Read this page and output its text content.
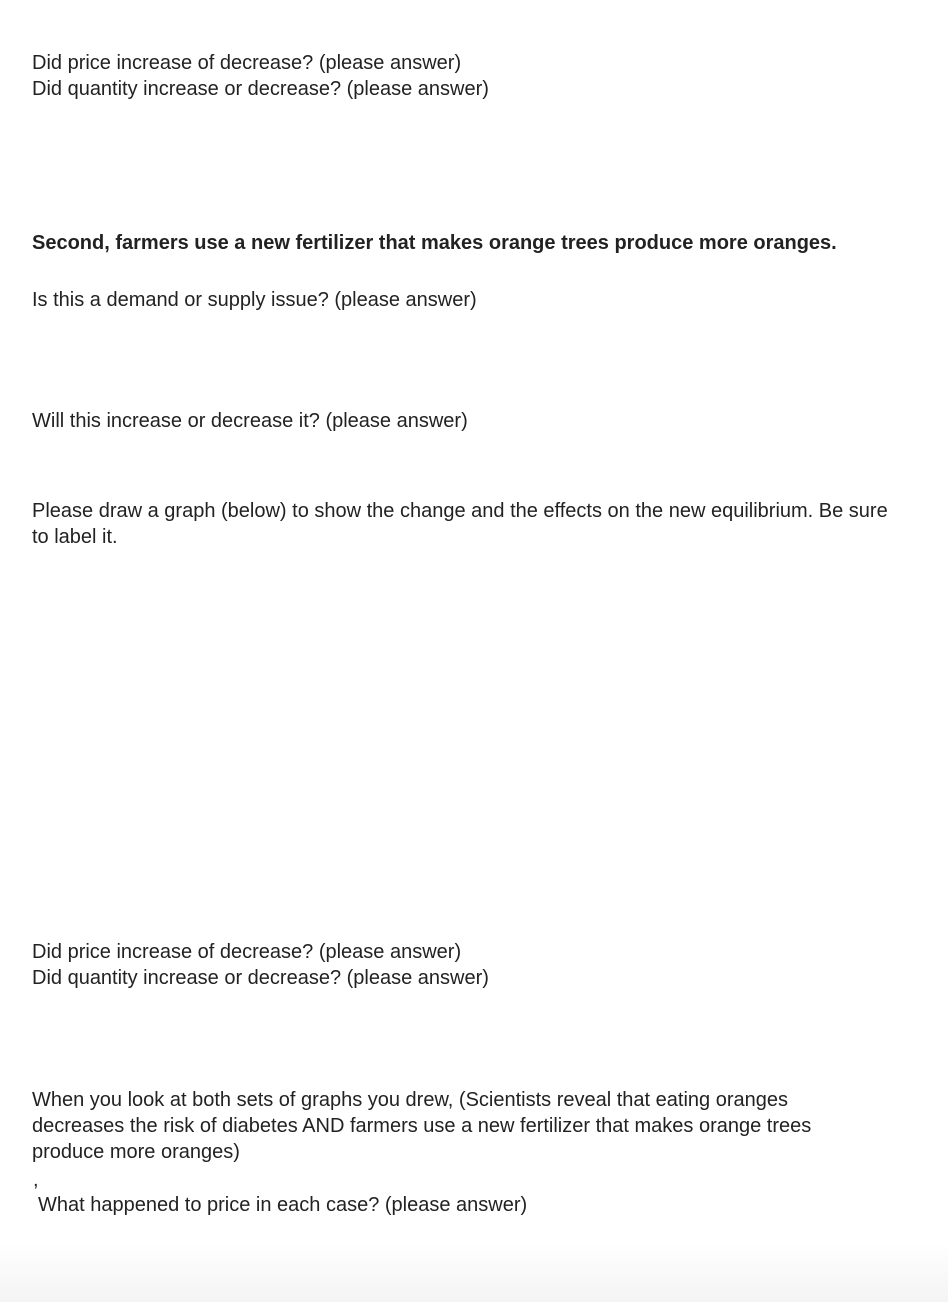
Did price increase of decrease? (please answer)

Did quantity increase or decrease? (please answer)

Second, farmers use a new fertilizer that makes orange trees produce more oranges.

Is this a demand or supply issue? (please answer)

Will this increase or decrease it? (please answer)

Please draw a graph (below) to show the change and the effects on the new equilibrium. Be sure to label it.

Did price increase of decrease? (please answer)

Did quantity increase or decrease? (please answer)

When you look at both sets of graphs you drew, (Scientists reveal that eating oranges

decreases the risk of diabetes AND farmers use a new fertilizer that makes orange trees

produce more oranges)

,

What happened to price in each case? (please answer)
